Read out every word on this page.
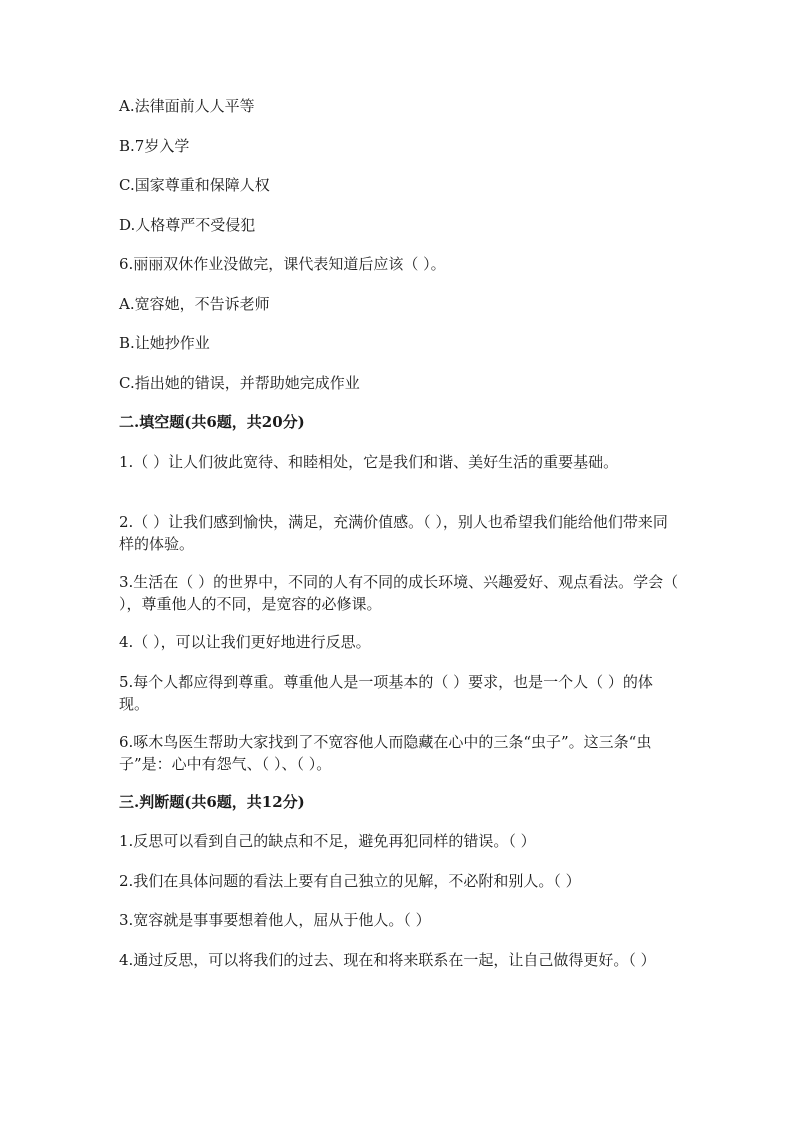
A.法律面前人人平等
B.7岁入学
C.国家尊重和保障人权
D.人格尊严不受侵犯
6.丽丽双休作业没做完，课代表知道后应该（ ）。
A.宽容她，不告诉老师
B.让她抄作业
C.指出她的错误，并帮助她完成作业
二.填空题(共6题，共20分)
1.（ ）让人们彼此宽待、和睦相处，它是我们和谐、美好生活的重要基础。
2.（ ）让我们感到愉快，满足，充满价值感。（ ），别人也希望我们能给他们带来同样的体验。
3.生活在（ ）的世界中，不同的人有不同的成长环境、兴趣爱好、观点看法。学会（ ），尊重他人的不同，是宽容的必修课。
4.（ ），可以让我们更好地进行反思。
5.每个人都应得到尊重。尊重他人是一项基本的（ ）要求，也是一个人（ ）的体现。
6.啄木鸟医生帮助大家找到了不宽容他人而隐藏在心中的三条“虫子”。这三条“虫子”是：心中有怨气、（ ）、（ ）。
三.判断题(共6题，共12分)
1.反思可以看到自己的缺点和不足，避免再犯同样的错误。（ ）
2.我们在具体问题的看法上要有自己独立的见解，不必附和别人。（ ）
3.宽容就是事事要想着他人，屈从于他人。（ ）
4.通过反思，可以将我们的过去、现在和将来联系在一起，让自己做得更好。（ ）
